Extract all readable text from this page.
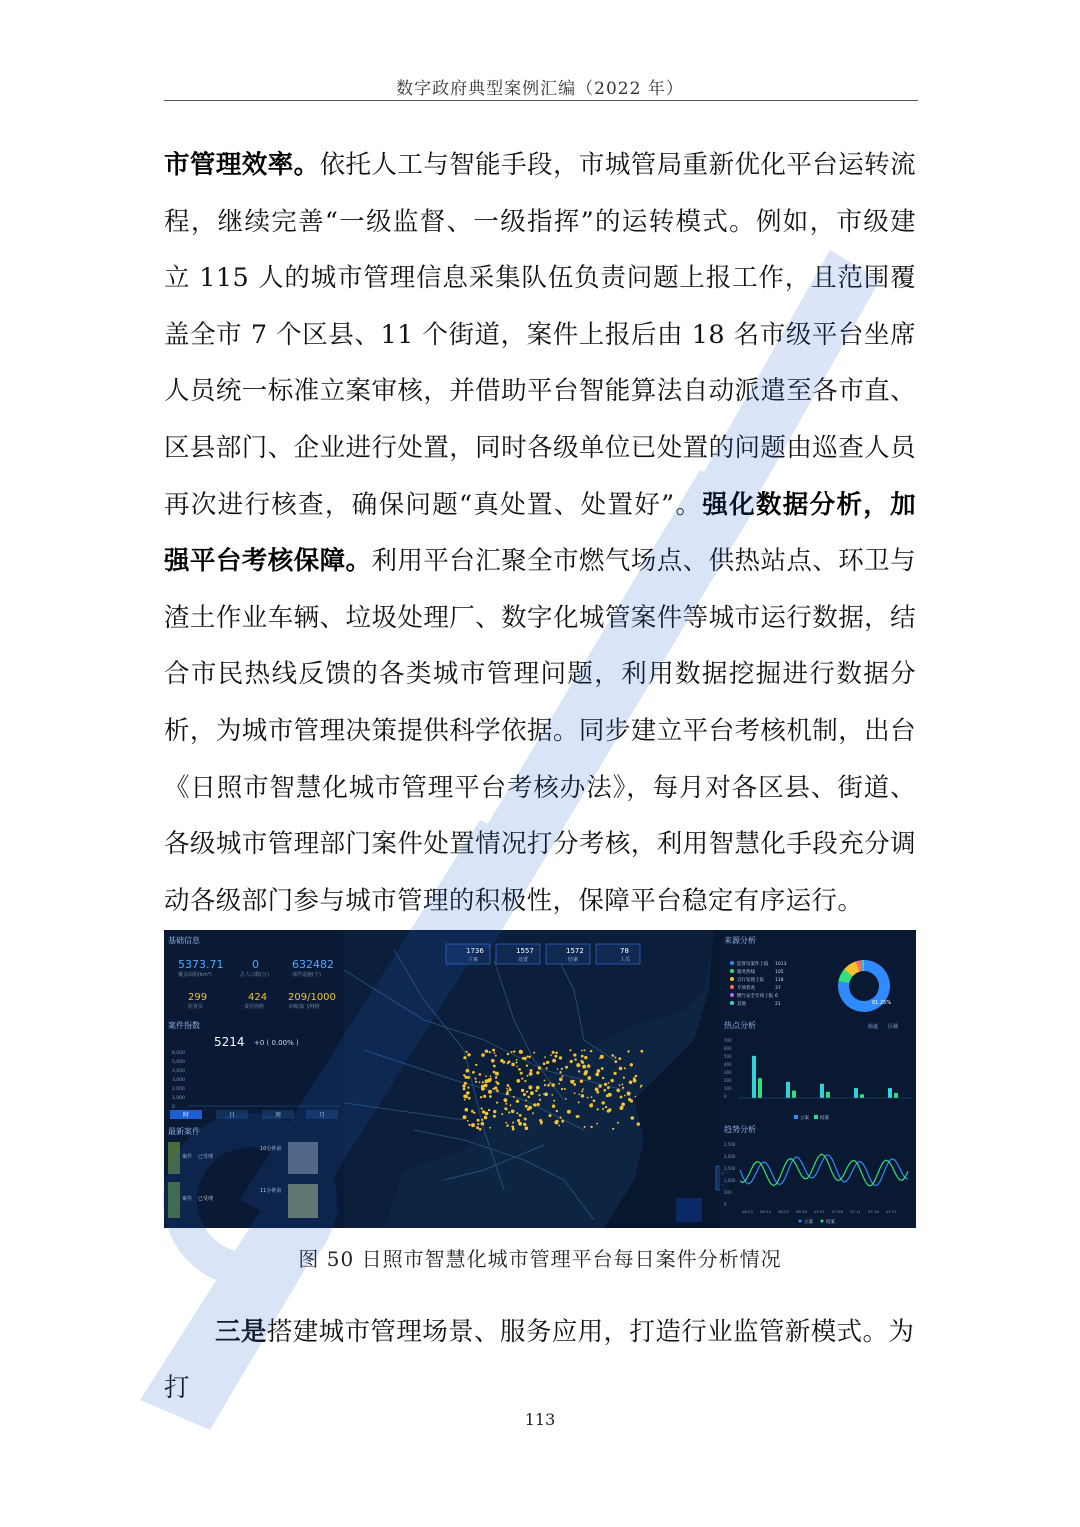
数字政府典型案例汇编（2022 年）
市管理效率。依托人工与智能手段，市城管局重新优化平台运转流程，继续完善“一级监督、一级指挥”的运转模式。例如，市级建立 115 人的城市管理信息采集队伍负责问题上报工作，且范围覆盖全市 7 个区县、11 个街道，案件上报后由 18 名市级平台坐席人员统一标准立案审核，并借助平台智能算法自动派遣至各市直、区县部门、企业进行处置，同时各级单位已处置的问题由巡查人员再次进行核查，确保问题“真处置、处置好”。强化数据分析，加强平台考核保障。利用平台汇聚全市燃气场点、供热站点、环卫与渣土作业车辆、垃圾处理厂、数字化城管案件等城市运行数据，结合市民热线反馈的各类城市管理问题，利用数据挖掘进行数据分析，为城市管理决策提供科学依据。同步建立平台考核机制，出台《日照市智慧化城市管理平台考核办法》，每月对各区县、街道、各级城市管理部门案件处置情况打分考核，利用智慧化手段充分调动各级部门参与城市管理的积极性，保障平台稳定有序运行。
基础信息
5373.71
覆盖面积(km²)
0
总人口数(万)
632482
部件设施(个)
299
监督员
424
责任网格
209/1000
市级部门/网格
案件指数
5214 +0 ( 0.00% )
6,000
5,000
4,000
3,000
2,000
1,000
0
时	日	周	月
最新案件
案件 已受理
10分钟前
案件 已受理
11分钟前
1736
立案
1557
处置
1572
结案
78
人员
来源分析
监督员案件上报 1013
服务热线	105
自行发现上报 118
专项普查	37
燃气安全专项上报 6
其他	21	81.25%
热点分析	街道 区域
700
600
500
400
300
200
100
0
立案 结案
趋势分析
2,500
2,000
1,500
1,000
500
0
06.23 06.24 06.25 06.26 07.01 07.06 07.11 07.16 07.21
立案	结案
图 50 日照市智慧化城市管理平台每日案件分析情况
三是搭建城市管理场景、服务应用，打造行业监管新模式。为打
113
